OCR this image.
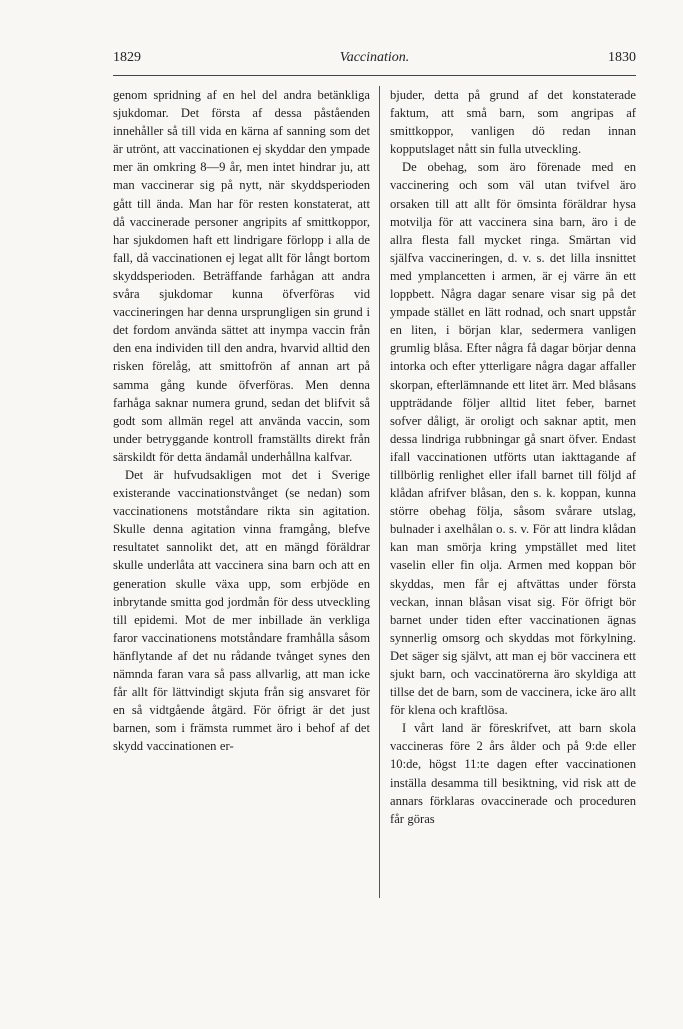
1829	Vaccination.	1830

genom spridning af en hel del andra betänkliga sjukdomar. Det första af dessa påståenden innehåller så till vida en kärna af sanning som det är utrönt, att vaccinationen ej skyddar den ympade mer än omkring 8—9 år, men intet hindrar ju, att man vaccinerar sig på nytt, när skyddsperioden gått till ända. Man har för resten konstaterat, att då vaccinerade personer angripits af smittkoppor, har sjukdomen haft ett lindrigare förlopp i alla de fall, då vaccinationen ej legat allt för långt bortom skyddsperioden. Beträffande farhågan att andra svåra sjukdomar kunna öfverföras vid vaccineringen har denna ursprungligen sin grund i det fordom använda sättet att inympa vaccin från den ena individen till den andra, hvarvid alltid den risken förelåg, att smittofrön af annan art på samma gång kunde öfverföras. Men denna farhåga saknar numera grund, sedan det blifvit så godt som allmän regel att använda vaccin, som under betryggande kontroll framställts direkt från särskildt för detta ändamål underhållna kalfvar.

Det är hufvudsakligen mot det i Sverige existerande vaccinationstvånget (se nedan) som vaccinationens motståndare rikta sin agitation. Skulle denna agitation vinna framgång, blefve resultatet sannolikt det, att en mängd föräldrar skulle underlåta att vaccinera sina barn och att en generation skulle växa upp, som erbjöde en inbrytande smitta god jordmån för dess utveckling till epidemi. Mot de mer inbillade än verkliga faror vaccinationens motståndare framhålla såsom hänflytande af det nu rådande tvånget synes den nämnda faran vara så pass allvarlig, att man icke får allt för lättvindigt skjuta från sig ansvaret för en så vidtgående åtgärd. För öfrigt är det just barnen, som i främsta rummet äro i behof af det skydd vaccinationen er-

bjuder, detta på grund af det konstaterade faktum, att små barn, som angripas af smittkoppor, vanligen dö redan innan kopputslaget nått sin fulla utveckling.

De obehag, som äro förenade med en vaccinering och som väl utan tvifvel äro orsaken till att allt för ömsinta föräldrar hysa motvilja för att vaccinera sina barn, äro i de allra flesta fall mycket ringa. Smärtan vid själfva vaccineringen, d. v. s. det lilla insnittet med ymplancetten i armen, är ej värre än ett loppbett. Några dagar senare visar sig på det ympade stället en lätt rodnad, och snart uppstår en liten, i början klar, sedermera vanligen grumlig blåsa. Efter några få dagar börjar denna intorka och efter ytterligare några dagar affaller skorpan, efterlämnande ett litet ärr. Med blåsans uppträdande följer alltid litet feber, barnet sofver dåligt, är oroligt och saknar aptit, men dessa lindriga rubbningar gå snart öfver. Endast ifall vaccinationen utförts utan iakttagande af tillbörlig renlighet eller ifall barnet till följd af klådan afrifver blåsan, den s. k. koppan, kunna större obehag följa, såsom svårare utslag, bulnader i axelhålan o. s. v. För att lindra klådan kan man smörja kring ympstället med litet vaselin eller fin olja. Armen med koppan bör skyddas, men får ej aftvättas under första veckan, innan blåsan visat sig. För öfrigt bör barnet under tiden efter vaccinationen ägnas synnerlig omsorg och skyddas mot förkylning. Det säger sig självt, att man ej bör vaccinera ett sjukt barn, och vaccinatörerna äro skyldiga att tillse det de barn, som de vaccinera, icke äro allt för klena och kraftlösa.

I vårt land är föreskrifvet, att barn skola vaccineras före 2 års ålder och på 9:de eller 10:de, högst 11:te dagen efter vaccinationen inställa desamma till besiktning, vid risk att de annars förklaras ovaccinerade och proceduren får göras
